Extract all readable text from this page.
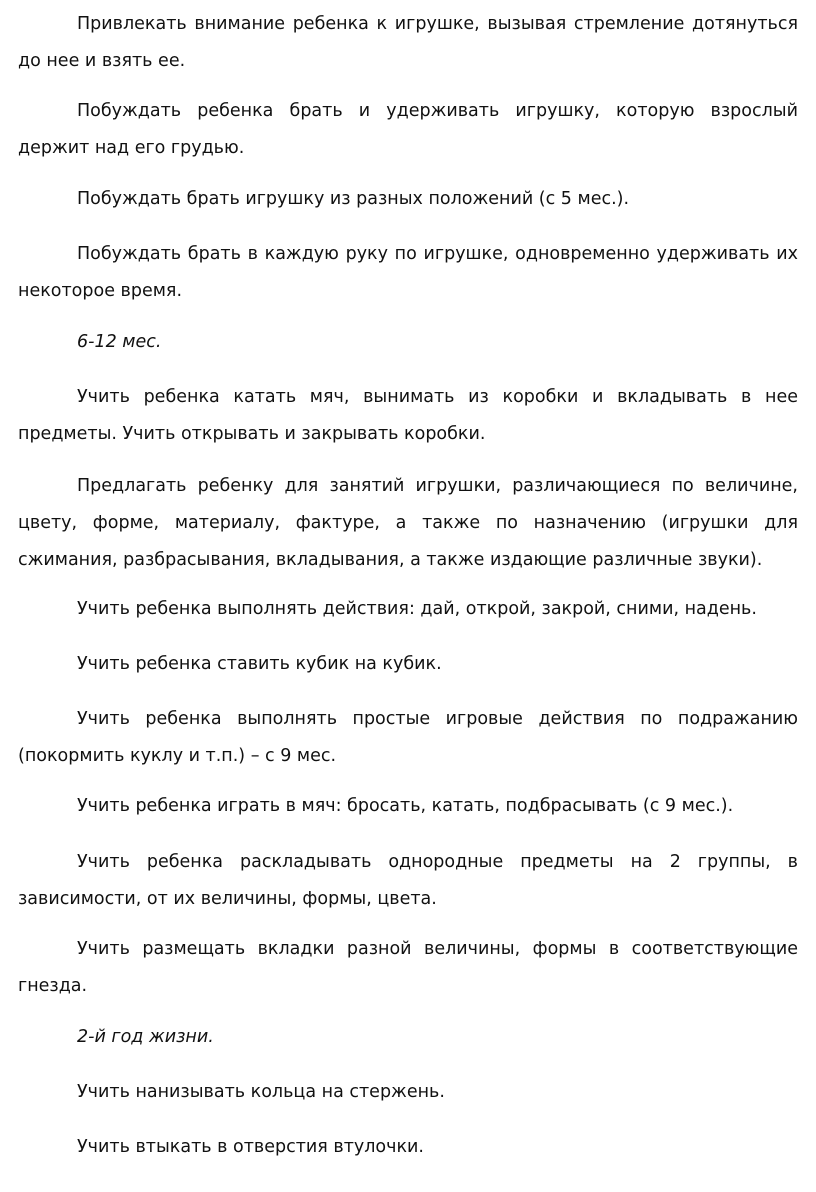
Привлекать внимание ребенка к игрушке, вызывая стремление дотянуться до нее и взять ее.

Побуждать ребенка брать и удерживать игрушку, которую взрослый держит над его грудью.

Побуждать брать игрушку из разных положений (с 5 мес.).

Побуждать брать в каждую руку по игрушке, одновременно удерживать их некоторое время.

6-12 мес.

Учить ребенка катать мяч, вынимать из коробки и вкладывать в нее предметы. Учить открывать и закрывать коробки.

Предлагать ребенку для занятий игрушки, различающиеся по величине, цвету, форме, материалу, фактуре, а также по назначению (игрушки для сжимания, разбрасывания, вкладывания, а также издающие различные звуки).

Учить ребенка выполнять действия: дай, открой, закрой, сними, надень.

Учить ребенка ставить кубик на кубик.

Учить ребенка выполнять простые игровые действия по подражанию (покормить куклу и т.п.) – с 9 мес.

Учить ребенка играть в мяч: бросать, катать, подбрасывать (с 9 мес.).

Учить ребенка раскладывать однородные предметы на 2 группы, в зависимости, от их величины, формы, цвета.

Учить размещать вкладки разной величины, формы в соответствующие гнезда.

2-й год жизни.

Учить нанизывать кольца на стержень.

Учить втыкать в отверстия втулочки.
